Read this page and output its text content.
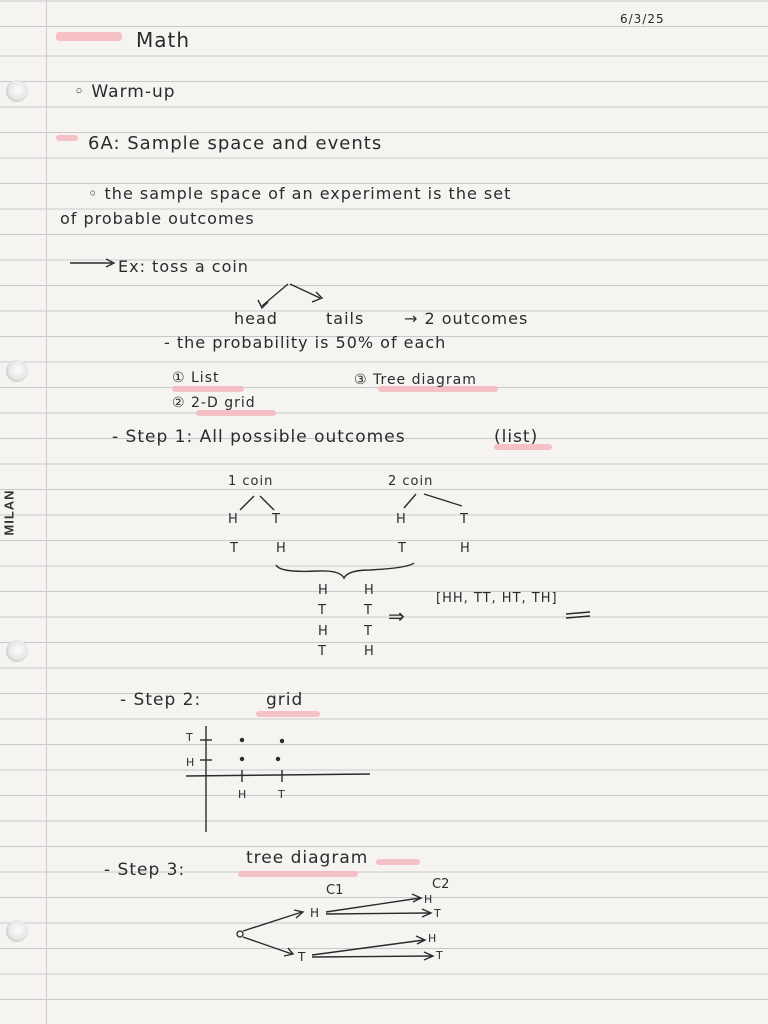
MILAN
Math
6/3/25
◦ Warm-up
6A: Sample space and events
◦ the sample space of an experiment is the set
of probable outcomes
Ex: toss a coin
head	tails → 2 outcomes
- the probability is 50% of each
① List
② 2-D grid
③ Tree diagram
- Step 1: All possible outcomes	(list)
1 coin	2 coin
H	T
T	H
H	T
T	H
H	H
T	T
H	T
T	H
⇒
[HH, TT, HT, TH]
- Step 2:	grid
T
H
H	T
- Step 3:
tree diagram
C1	C2
H
T
H
T
H
T
